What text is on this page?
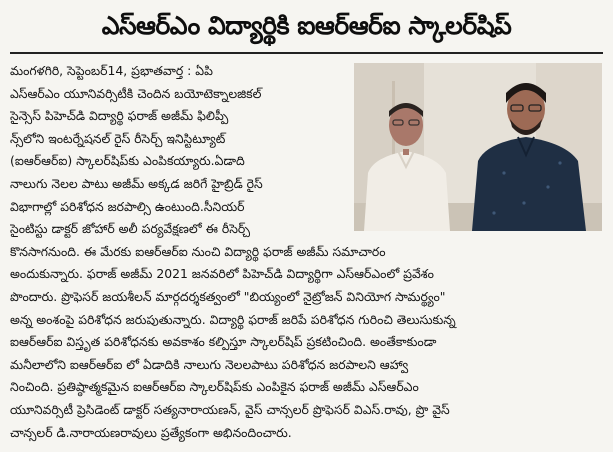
ఎస్ఆర్ఎం విద్యార్థికి ఐఆర్ఆర్ఐ స్కాలర్‌షిప్
మంగళగిరి, సెప్టెంబర్14, ప్రభాతవార్త : ఏపి
ఎస్ఆర్ఎం యూనివర్సిటీకి చెందిన బయోటెక్నాలజికల్
సైన్సెస్ పిహెచ్‌డి విద్యార్థి ఫరాజ్ అజీమ్ ఫిలిప్పీ
న్స్‌లోని ఇంటర్నేషనల్ రైస్ రీసెర్చ్ ఇనిస్టిట్యూట్
(ఐఆర్ఆర్ఐ) స్కాలర్‌షిప్‌కు ఎంపికయ్యారు.ఏడాది
నాలుగు నెలల పాటు అజీమ్ అక్కడ జరిగే హైబ్రిడ్ రైస్
విభాగాల్లో పరిశోధన జరపాల్సి ఉంటుంది.సీనియర్
సైంటిస్టు డాక్టర్ జోహార్ అలీ పర్యవేక్షణలో ఈ రీసెర్చ్
కొనసాగనుంది. ఈ మేరకు ఐఆర్ఆర్ఐ నుంచి విద్యార్థి ఫరాజ్ అజీమ్ సమాచారం
అందుకున్నారు. ఫరాజ్ అజీమ్ 2021 జనవరిలో పిహెచ్‌డి విద్యార్థిగా ఎస్ఆర్ఎంలో ప్రవేశం
పొందారు. ప్రొఫెసర్ జయశీలన్ మార్గదర్శకత్వంలో "బియ్యంలో నైట్రోజన్ వినియోగ సామర్థ్యం"
అన్న అంశంపై పరిశోధన జరుపుతున్నారు. విద్యార్థి ఫరాజ్ జరిపే పరిశోధన గురించి తెలుసుకున్న
ఐఆర్ఆర్ఐ విస్తృత పరిశోధనకు అవకాశం కల్పిస్తూ స్కాలర్‌షిప్ ప్రకటించింది. అంతేకాకుండా
మనీలాలోని ఐఆర్ఆర్ఐ లో ఏడాదికి నాలుగు నెలలపాటు పరిశోధన జరపాలని ఆహ్వా
నించింది. ప్రతిష్ఠాత్మకమైన ఐఆర్ఆర్ఐ స్కాలర్‌షిప్‌కు ఎంపికైన ఫరాజ్ అజీమ్ ఎస్ఆర్ఎం
యూనివర్సిటీ ప్రెసిడెంట్ డాక్టర్ సత్యనారాయణన్, వైస్ చాన్సలర్ ప్రొఫెసర్ విఎస్.రావు, ప్రొ వైస్
చాన్సలర్ డి.నారాయణరావులు ప్రత్యేకంగా అభినందించారు.
